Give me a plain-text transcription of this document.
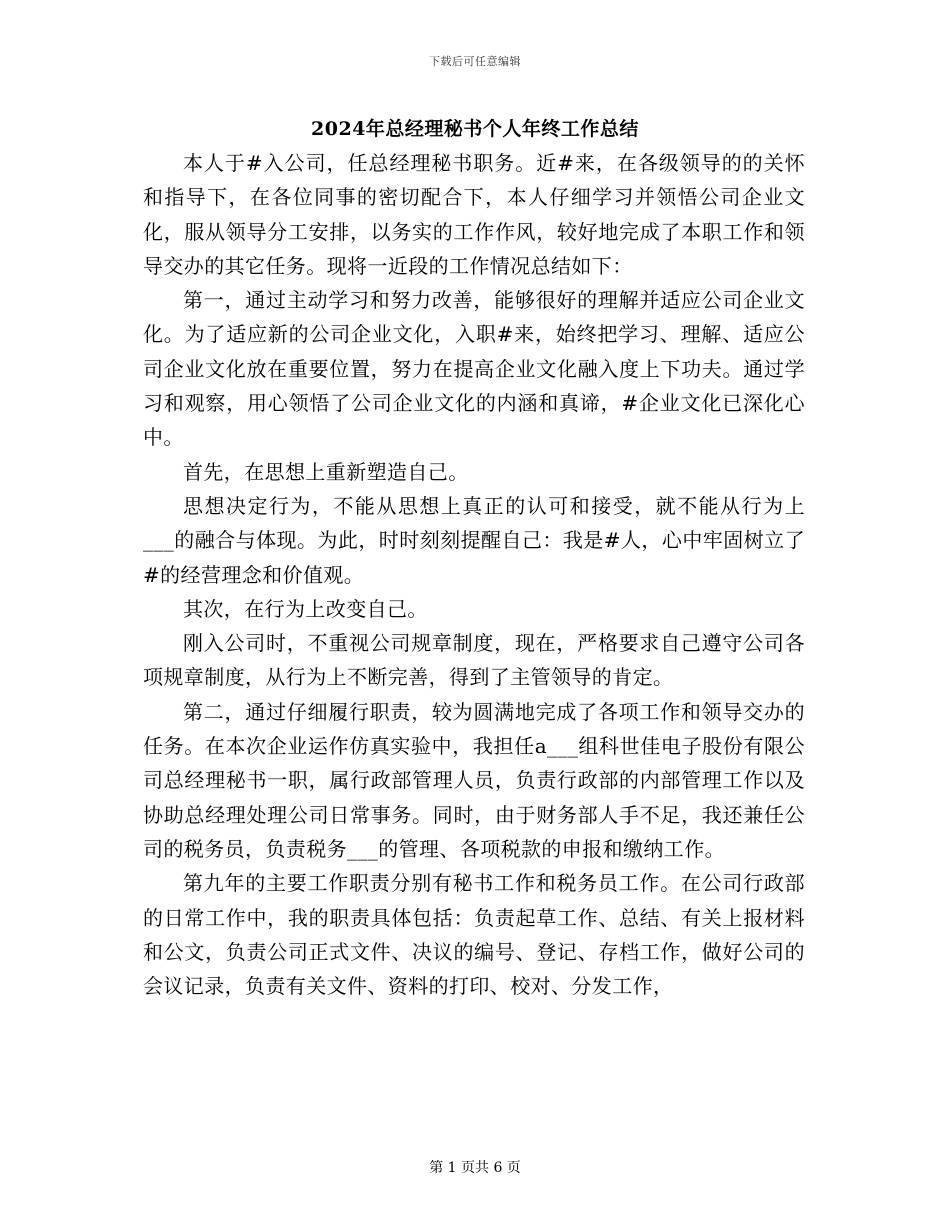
下载后可任意编辑
2024年总经理秘书个人年终工作总结

本人于#入公司，任总经理秘书职务。近#来，在各级领导的的关怀和指导下，在各位同事的密切配合下，本人仔细学习并领悟公司企业文化，服从领导分工安排，以务实的工作作风，较好地完成了本职工作和领导交办的其它任务。现将一近段的工作情况总结如下：

第一，通过主动学习和努力改善，能够很好的理解并适应公司企业文化。为了适应新的公司企业文化，入职#来，始终把学习、理解、适应公司企业文化放在重要位置，努力在提高企业文化融入度上下功夫。通过学习和观察，用心领悟了公司企业文化的内涵和真谛，#企业文化已深化心中。

首先，在思想上重新塑造自己。

思想决定行为，不能从思想上真正的认可和接受，就不能从行为上___的融合与体现。为此，时时刻刻提醒自己：我是#人，心中牢固树立了#的经营理念和价值观。

其次，在行为上改变自己。

刚入公司时，不重视公司规章制度，现在，严格要求自己遵守公司各项规章制度，从行为上不断完善，得到了主管领导的肯定。

第二，通过仔细履行职责，较为圆满地完成了各项工作和领导交办的任务。在本次企业运作仿真实验中，我担任a___组科世佳电子股份有限公司总经理秘书一职，属行政部管理人员，负责行政部的内部管理工作以及协助总经理处理公司日常事务。同时，由于财务部人手不足，我还兼任公司的税务员，负责税务___的管理、各项税款的申报和缴纳工作。

第九年的主要工作职责分别有秘书工作和税务员工作。在公司行政部的日常工作中，我的职责具体包括：负责起草工作、总结、有关上报材料和公文，负责公司正式文件、决议的编号、登记、存档工作，做好公司的会议记录，负责有关文件、资料的打印、校对、分发工作，

第 1 页共 6 页
